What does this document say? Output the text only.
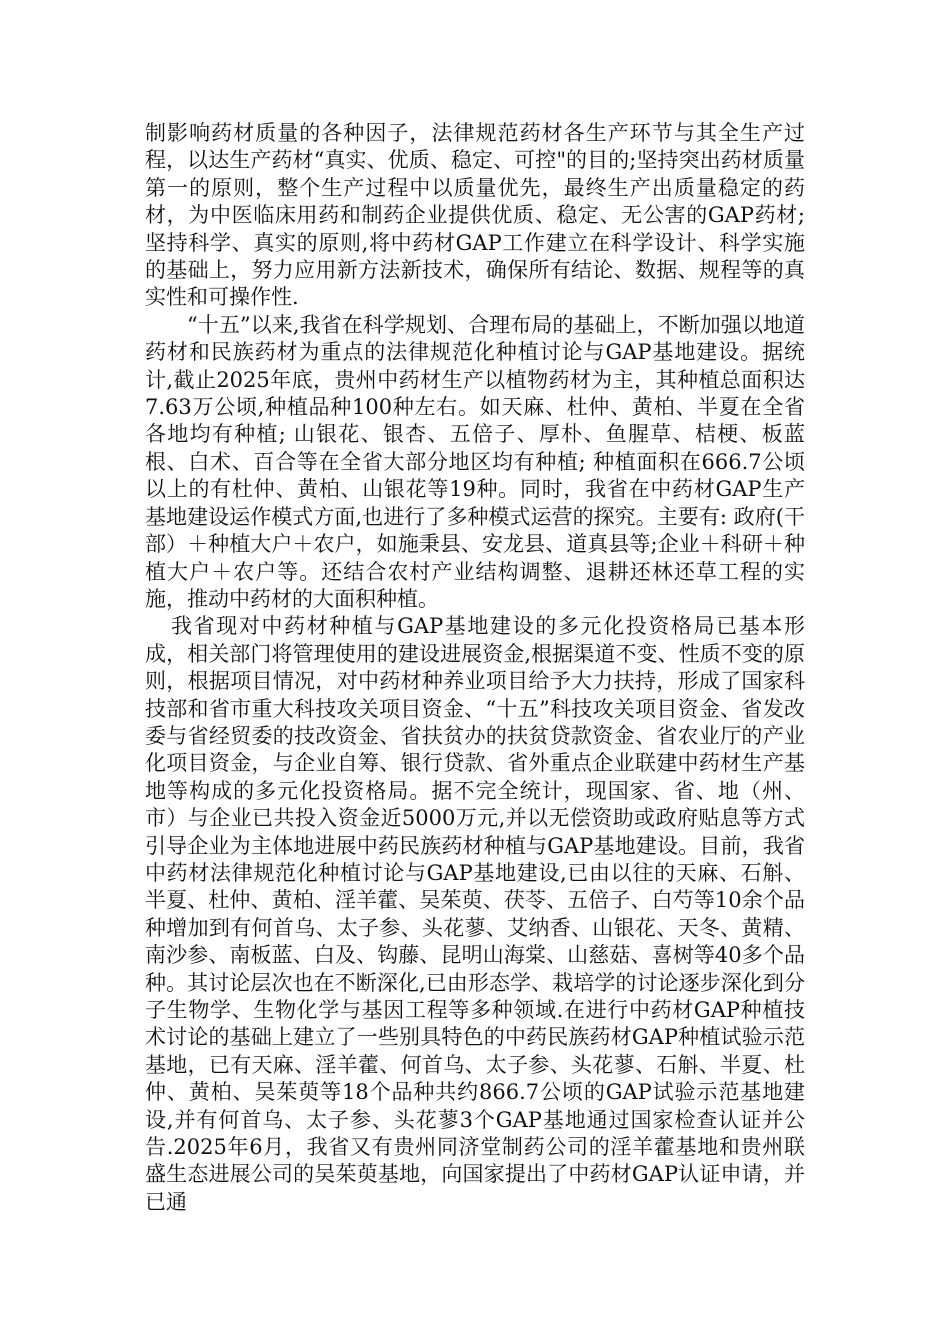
制影响药材质量的各种因子，法律规范药材各生产环节与其全生产过程，以达生产药材“真实、优质、稳定、可控"的目的;坚持突出药材质量第一的原则，整个生产过程中以质量优先，最终生产出质量稳定的药材，为中医临床用药和制药企业提供优质、稳定、无公害的GAP药材; 坚持科学、真实的原则,将中药材GAP工作建立在科学设计、科学实施的基础上，努力应用新方法新技术，确保所有结论、数据、规程等的真实性和可操作性.

“十五”以来,我省在科学规划、合理布局的基础上，不断加强以地道药材和民族药材为重点的法律规范化种植讨论与GAP基地建设。据统计,截止2025年底，贵州中药材生产以植物药材为主，其种植总面积达7.63万公顷,种植品种100种左右。如天麻、杜仲、黄柏、半夏在全省各地均有种植; 山银花、银杏、五倍子、厚朴、鱼腥草、桔梗、板蓝根、白术、百合等在全省大部分地区均有种植; 种植面积在666.7公顷以上的有杜仲、黄柏、山银花等19种。同时，我省在中药材GAP生产基地建设运作模式方面,也进行了多种模式运营的探究。主要有: 政府(干部）＋种植大户＋农户，如施秉县、安龙县、道真县等;企业＋科研＋种植大户＋农户等。还结合农村产业结构调整、退耕还林还草工程的实施，推动中药材的大面积种植。

我省现对中药材种植与GAP基地建设的多元化投资格局已基本形成，相关部门将管理使用的建设进展资金,根据渠道不变、性质不变的原则，根据项目情况，对中药材种养业项目给予大力扶持，形成了国家科技部和省市重大科技攻关项目资金、“十五”科技攻关项目资金、省发改委与省经贸委的技改资金、省扶贫办的扶贫贷款资金、省农业厅的产业化项目资金，与企业自筹、银行贷款、省外重点企业联建中药材生产基地等构成的多元化投资格局。据不完全统计，现国家、省、地（州、市）与企业已共投入资金近5000万元,并以无偿资助或政府贴息等方式引导企业为主体地进展中药民族药材种植与GAP基地建设。目前，我省中药材法律规范化种植讨论与GAP基地建设,已由以往的天麻、石斛、半夏、杜仲、黄柏、淫羊藿、吴茱萸、茯苓、五倍子、白芍等10余个品种增加到有何首乌、太子参、头花蓼、艾纳香、山银花、天冬、黄精、南沙参、南板蓝、白及、钩藤、昆明山海棠、山慈菇、喜树等40多个品种。其讨论层次也在不断深化,已由形态学、栽培学的讨论逐步深化到分子生物学、生物化学与基因工程等多种领域.在进行中药材GAP种植技术讨论的基础上建立了一些别具特色的中药民族药材GAP种植试验示范基地，已有天麻、淫羊藿、何首乌、太子参、头花蓼、石斛、半夏、杜仲、黄柏、吴茱萸等18个品种共约866.7公顷的GAP试验示范基地建设,并有何首乌、太子参、头花蓼3个GAP基地通过国家检查认证并公告.2025年6月，我省又有贵州同济堂制药公司的淫羊藿基地和贵州联盛生态进展公司的吴茱萸基地，向国家提出了中药材GAP认证申请，并已通
